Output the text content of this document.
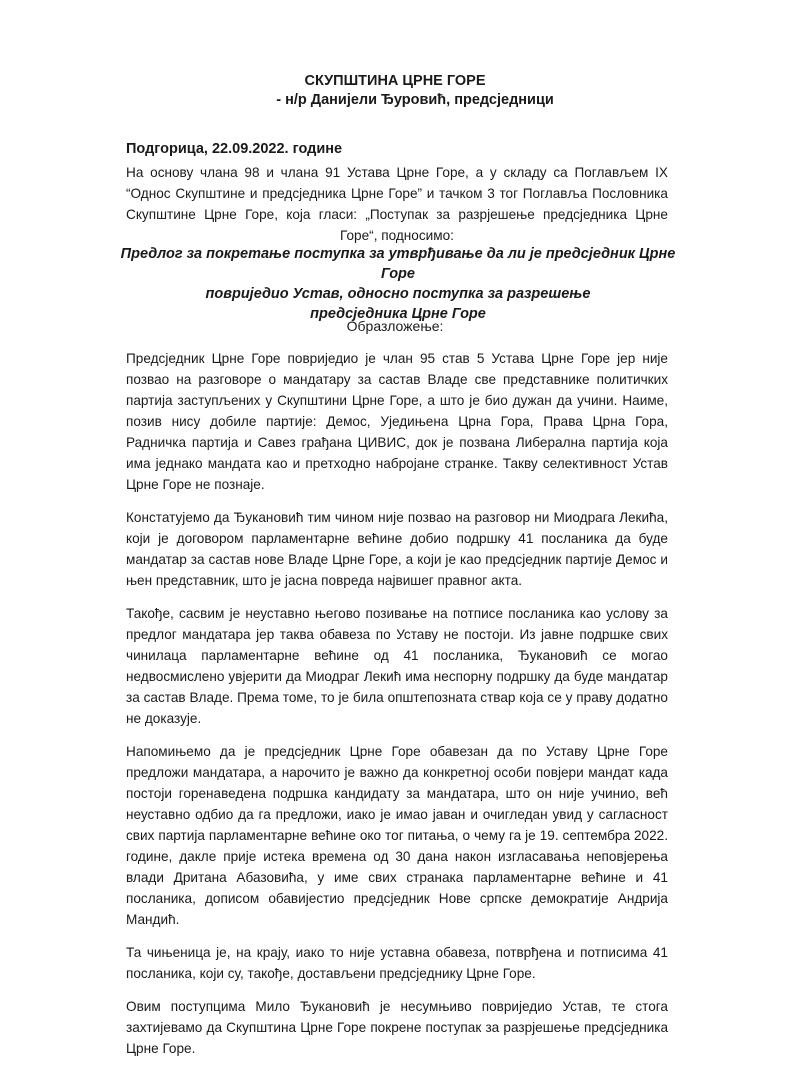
СКУПШТИНА ЦРНЕ ГОРЕ
- н/р Данијели Ђуровић, предсједници
Подгорица, 22.09.2022. године
На основу члана 98 и члана 91 Устава Црне Горе, а у складу са Поглављем IX “Однос Скупштине и предсједника Црне Горе” и тачком 3 тог Поглавља Пословника Скупштине Црне Горе, која гласи: „Поступак за разрјешење предсједника Црне Горе“, подносимо:
Предлог за покретање поступка за утврђивање да ли је предсједник Црне Горе
повриједио Устав, односно поступка за разрешење
предсједника Црне Горе
Образложење:

Предсједник Црне Горе повриједио је члан 95 став 5 Устава Црне Горе јер није позвао на разговоре о мандатару за састав Владе све представнике политичких партија заступљених у Скупштини Црне Горе, а што је био дужан да учини. Наиме, позив нису добиле партије: Демос, Уједињена Црна Гора, Права Црна Гора, Радничка партија и Савез грађана ЦИВИС, док је позвана Либерална партија која има једнако мандата као и претходно набројане странке. Такву селективност Устав Црне Горе не познаје.

Констатујемо да Ђукановић тим чином није позвао на разговор ни Миодрага Лекића, који је договором парламентарне већине добио подршку 41 посланика да буде мандатар за састав нове Владе Црне Горе, а који је као предсједник партије Демос и њен представник, што је јасна повреда највишег правног акта.

Такође, сасвим је неуставно његово позивање на потписе посланика као услову за предлог мандатара јер таква обавеза по Уставу не постоји. Из јавне подршке свих чинилаца парламентарне већине од 41 посланика, Ђукановић се могао недвосмислено увјерити да Миодраг Лекић има неспорну подршку да буде мандатар за састав Владе. Према томе, то је била општепозната ствар која се у праву додатно не доказује.

Напомињемо да је предсједник Црне Горе обавезан да по Уставу Црне Горе предложи мандатара, а нарочито је важно да конкретној особи повјери мандат када постоји горенаведена подршка кандидату за мандатара, што он није учинио, већ неуставно одбио да га предложи, иако је имао јаван и очигледан увид у сагласност свих партија парламентарне већине око тог питања, о чему га је 19. септембра 2022. године, дакле прије истека времена од 30 дана након изгласавања неповјерења влади Дритана Абазовића, у име свих странака парламентарне већине и 41 посланика, дописом обавијестио предсједник Нове српске демократије Андрија Мандић.

Та чињеница је, на крају, иако то није уставна обавеза, потврђена и потписима 41 посланика, који су, такође, достављени предсједнику Црне Горе.

Овим поступцима Мило Ђукановић је несумњиво повриједио Устав, те стога захтијевамо да Скупштина Црне Горе покрене поступак за разрјешење предсједника Црне Горе.
